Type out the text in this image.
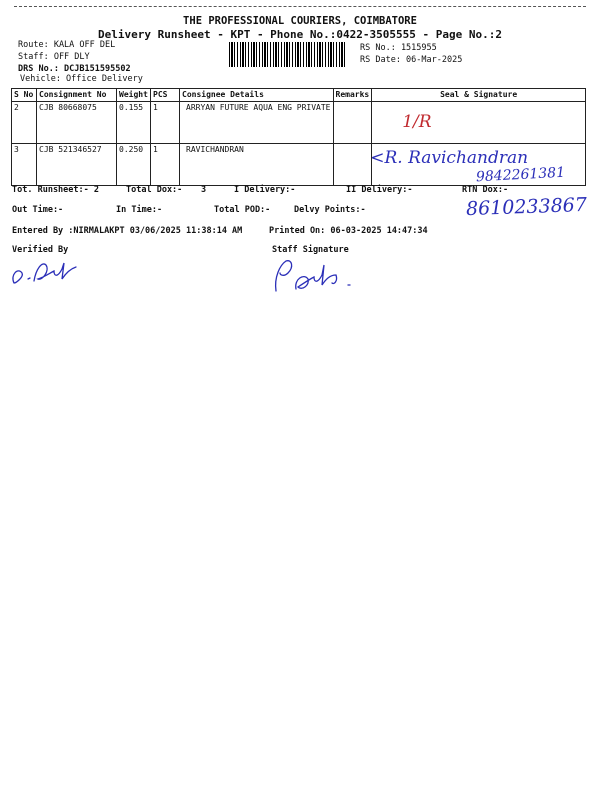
THE PROFESSIONAL COURIERS, COIMBATORE
Delivery Runsheet - KPT - Phone No.:0422-3505555 - Page No.:2
Route: KALA OFF DEL
Staff: OFF DLY
DRS No.: DCJB151595502
Vehicle: Office Delivery
RS No.: 1515955
RS Date: 06-Mar-2025
S No	Consignment No	Weight	PCS	Consignee Details	Remarks	Seal & Signature
2	CJB 80668075	0.155	1	ARRYAN FUTURE AQUA ENG PRIVATE		1/R

3	CJB 521346527	0.250	1	RAVICHANDRAN		<R. Ravichandran
9842261381
8610233867
Tot. Runsheet:- 2	Total Dox:- 3	I Delivery:-	II Delivery:-	RTN Dox:-
Out Time:-	In Time:-	Total POD:-	Delvy Points:-
Entered By :NIRMALAKPT 03/06/2025 11:38:14 AM	Printed On: 06-03-2025 14:47:34
Verified By	Staff Signature
